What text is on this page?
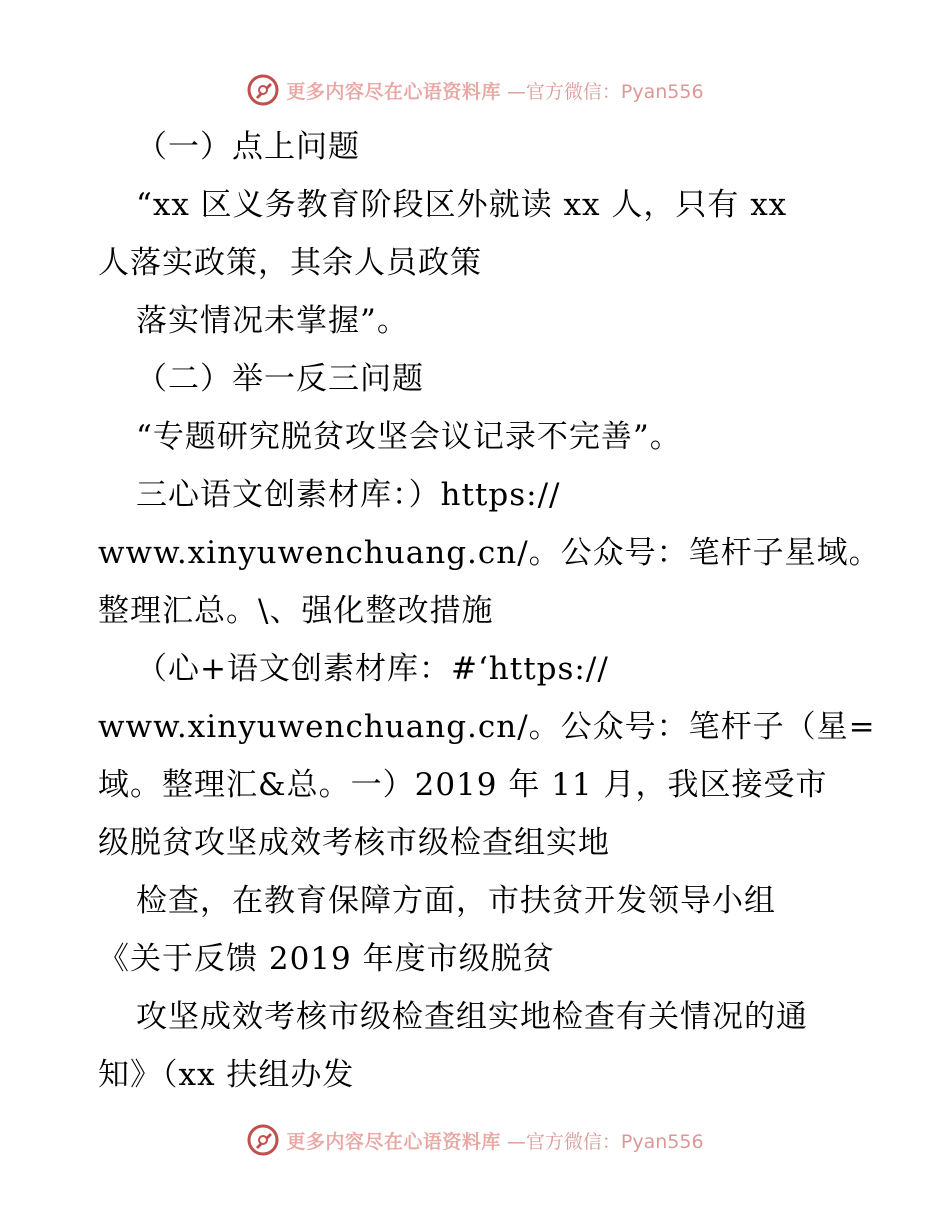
更多内容尽在心语资料库 —官方微信：Pyan556
（一）点上问题
“xx 区义务教育阶段区外就读 xx 人，只有 xx
人落实政策，其余人员政策
落实情况未掌握”。
（二）举一反三问题
“专题研究脱贫攻坚会议记录不完善”。
三心语文创素材库：）https://
www.xinyuwenchuang.cn/。公众号：笔杆子星域。
整理汇总。\、强化整改措施
（心+语文创素材库：#‘https://
www.xinyuwenchuang.cn/。公众号：笔杆子（星=
域。整理汇&总。一）2019 年 11 月，我区接受市
级脱贫攻坚成效考核市级检查组实地
检查，在教育保障方面，市扶贫开发领导小组
《关于反馈 2019 年度市级脱贫
攻坚成效考核市级检查组实地检查有关情况的通
知》（xx 扶组办发
更多内容尽在心语资料库 —官方微信：Pyan556
